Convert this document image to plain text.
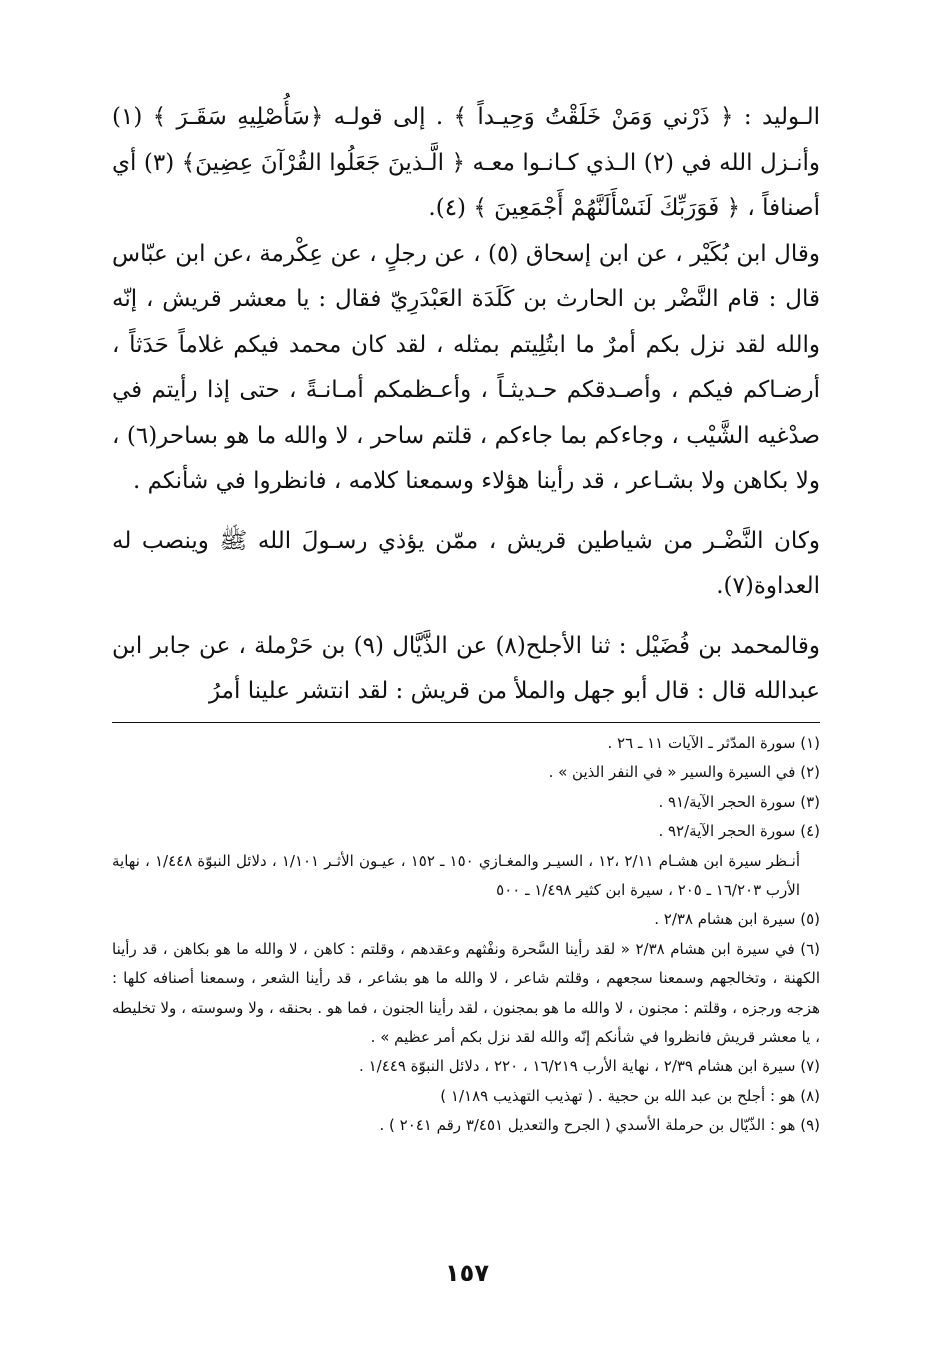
الـوليد : ﴿ ذَرْني وَمَنْ خَلَقْتُ وَحِيـداً ﴾ . إلى قولـه ﴿سَأُصْلِيهِ سَقَـرَ ﴾ (١) وأنـزل الله في (٢) الـذي كـانـوا معـه ﴿ الَّـذينَ جَعَلُوا القُرْآنَ عِضِينَ﴾ (٣) أي أصنافاً ، ﴿ فَوَرَبِّكَ لَنَسْأَلَنَّهُمْ أَجْمَعِينَ ﴾ (٤).

وقال ابن بُكَيْر ، عن ابن إسحاق (٥) ، عن رجلٍ ، عن عِكْرمة ،عن ابن عبّاس قال : قام النَّضْر بن الحارث بن كَلَدَة العَبْدَرِيّ فقال : يا معشر قريش ، إنّه والله لقد نزل بكم أمرٌ ما ابتُلِيتم بمثله ، لقد كان محمد فيكم غلاماً حَدَثاً ، أرضـاكم فيكم ، وأصـدقكم حـديثـاً ، وأعـظمكم أمـانـةً ، حتى إذا رأيتم في صدْغيه الشَّيْب ، وجاءكم بما جاءكم ، قلتم ساحر ، لا والله ما هو بساحر(٦) ، ولا بكاهن ولا بشـاعر ، قد رأينا هؤلاء وسمعنا كلامه ، فانظروا في شأنكم .

وكان النَّضْـر من شياطين قريش ، ممّن يؤذي رسـولَ الله ﷺ وينصب له العداوة(٧).

وقالمحمد بن فُضَيْل : ثنا الأجلح(٨) عن الذَّيَّال (٩) بن حَرْملة ، عن جابر ابن عبدالله قال : قال أبو جهل والملأ من قريش : لقد انتشر علينا أمرُ

(١) سورة المدّثر ـ الآيات ١١ ـ ٢٦ .

(٢) في السيرة والسير « في النفر الذين » .

(٣) سورة الحجر الآية/٩١ .

(٤) سورة الحجر الآية/٩٢ .

أنـظر سيرة ابن هشـام ٢/١١ ،١٢ ، السيـر والمغـازي ١٥٠ ـ ١٥٢ ، عيـون الأثـر ١/١٠١ ، دلائل النبوّة ١/٤٤٨ ، نهاية الأرب ١٦/٢٠٣ ـ ٢٠٥ ، سيرة ابن كثير ١/٤٩٨ ـ ٥٠٠

(٥) سيرة ابن هشام ٢/٣٨ .

(٦) في سيرة ابن هشام ٢/٣٨ « لقد رأينا السَّحرة ونفْثهم وعقدهم ، وقلتم : كاهن ، لا والله ما هو بكاهن ، قد رأينا الكهنة ، وتخالجهم وسمعنا سجعهم ، وقلتم شاعر ، لا والله ما هو بشاعر ، قد رأينا الشعر ، وسمعنا أصنافه كلها : هزجه ورجزه ، وقلتم : مجنون ، لا والله ما هو بمجنون ، لقد رأينا الجنون ، فما هو . بحنقه ، ولا وسوسته ، ولا تخليطه ، يا معشر قريش فانظروا في شأنكم إنّه والله لقد نزل بكم أمر عظيم » .

(٧) سيرة ابن هشام ٢/٣٩ ، نهاية الأرب ١٦/٢١٩ ، ٢٢٠ ، دلائل النبوّة ١/٤٤٩ .

(٨) هو : أجلح بن عبد الله بن حجية . ( تهذيب التهذيب ١/١٨٩ )

(٩) هو : الذّيّال بن حرملة الأسدي ( الجرح والتعديل ٣/٤٥١ رقم ٢٠٤١ ) .

١٥٧
